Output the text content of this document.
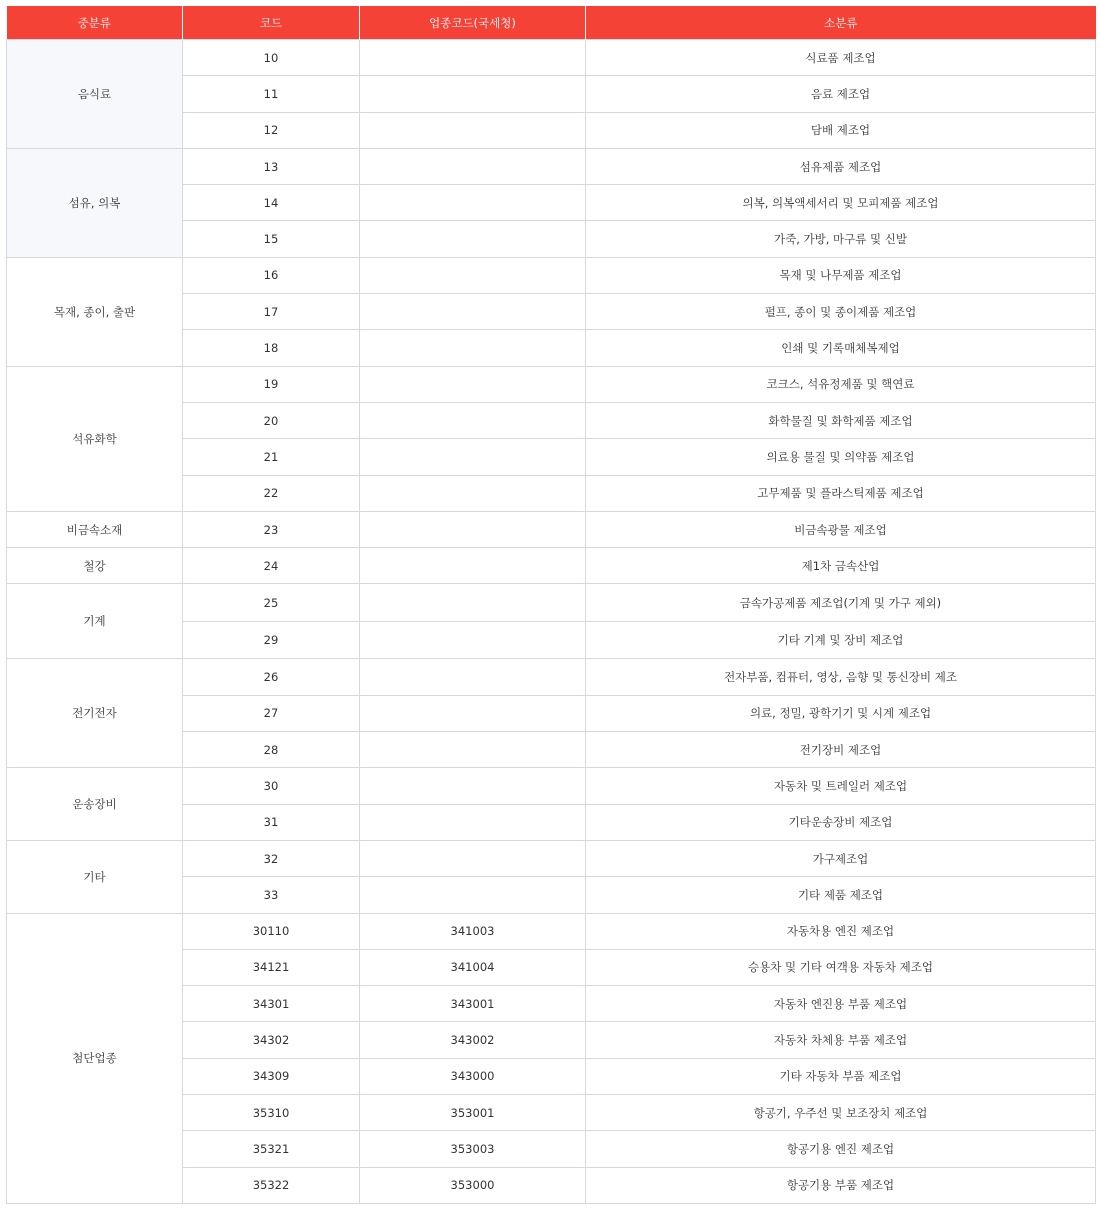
중분류	코드	업종코드(국세청)	소분류
음식료	10		식료품 제조업
	11		음료 제조업
	12		담배 제조업
섬유, 의복	13		섬유제품 제조업
	14		의복, 의복액세서리 및 모피제품 제조업
	15		가죽, 가방, 마구류 및 신발
목재, 종이, 출판	16		목재 및 나무제품 제조업
	17		펄프, 종이 및 종이제품 제조업
	18		인쇄 및 기록매체복제업
석유화학	19		코크스, 석유정제품 및 핵연료
	20		화학물질 및 화학제품 제조업
	21		의료용 물질 및 의약품 제조업
	22		고무제품 및 플라스틱제품 제조업
비금속소재	23		비금속광물 제조업
철강	24		제1차 금속산업
기계	25		금속가공제품 제조업(기계 및 가구 제외)
	29		기타 기계 및 장비 제조업
전기전자	26		전자부품, 컴퓨터, 영상, 음향 및 통신장비 제조
	27		의료, 정밀, 광학기기 및 시계 제조업
	28		전기장비 제조업
운송장비	30		자동차 및 트레일러 제조업
	31		기타운송장비 제조업
기타	32		가구제조업
	33		기타 제품 제조업
첨단업종	30110	341003	자동차용 엔진 제조업
	34121	341004	승용차 및 기타 여객용 자동차 제조업
	34301	343001	자동차 엔진용 부품 제조업
	34302	343002	자동차 차체용 부품 제조업
	34309	343000	기타 자동차 부품 제조업
	35310	353001	항공기, 우주선 및 보조장치 제조업
	35321	353003	항공기용 엔진 제조업
	35322	353000	항공기용 부품 제조업
